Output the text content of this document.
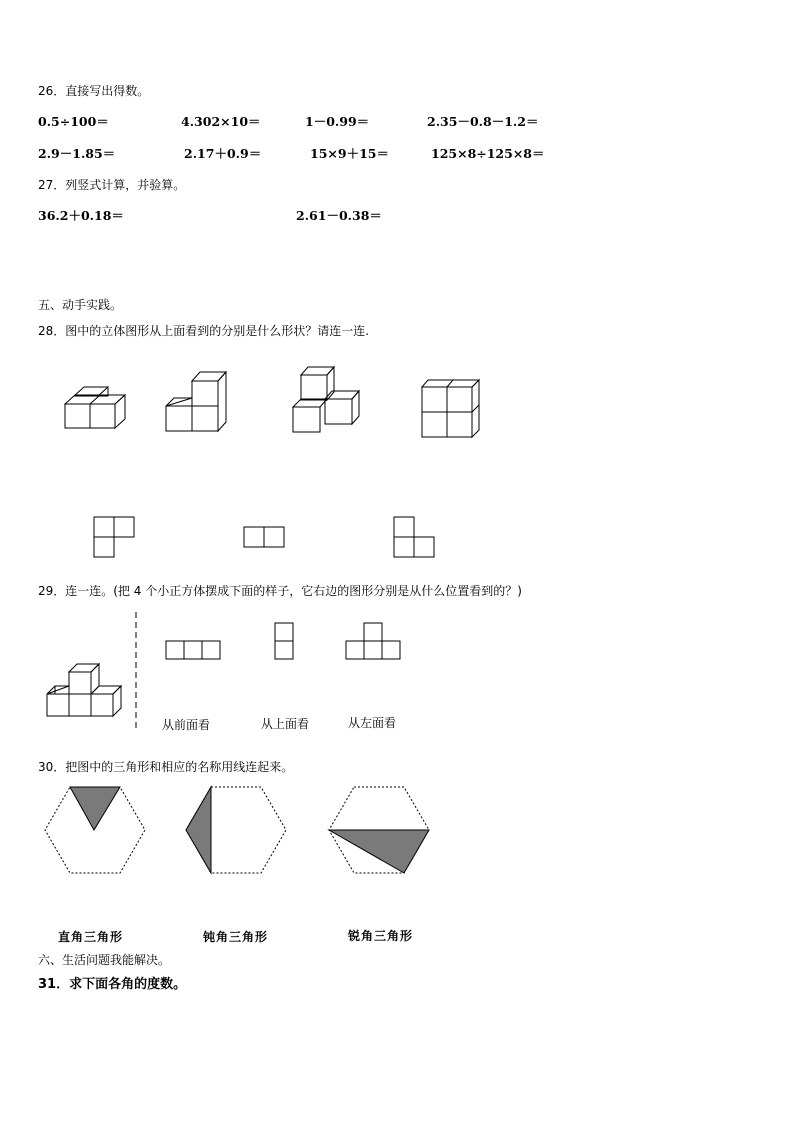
26．直接写出得数。
0.5÷100＝	4.302×10＝	1－0.99＝	2.35－0.8－1.2＝
2.9－1.85＝	2.17＋0.9＝	15×9＋15＝	125×8÷125×8＝
27．列竖式计算，并验算。
36.2＋0.18＝	2.61－0.38＝
五、动手实践。
28．图中的立体图形从上面看到的分别是什么形状？请连一连.
29．连一连。(把 4 个小正方体摆成下面的样子，它右边的图形分别是从什么位置看到的？)
从前面看	从上面看	从左面看
30．把图中的三角形和相应的名称用线连起来。
直角三角形	钝角三角形	锐角三角形
六、生活问题我能解决。
31．求下面各角的度数。
